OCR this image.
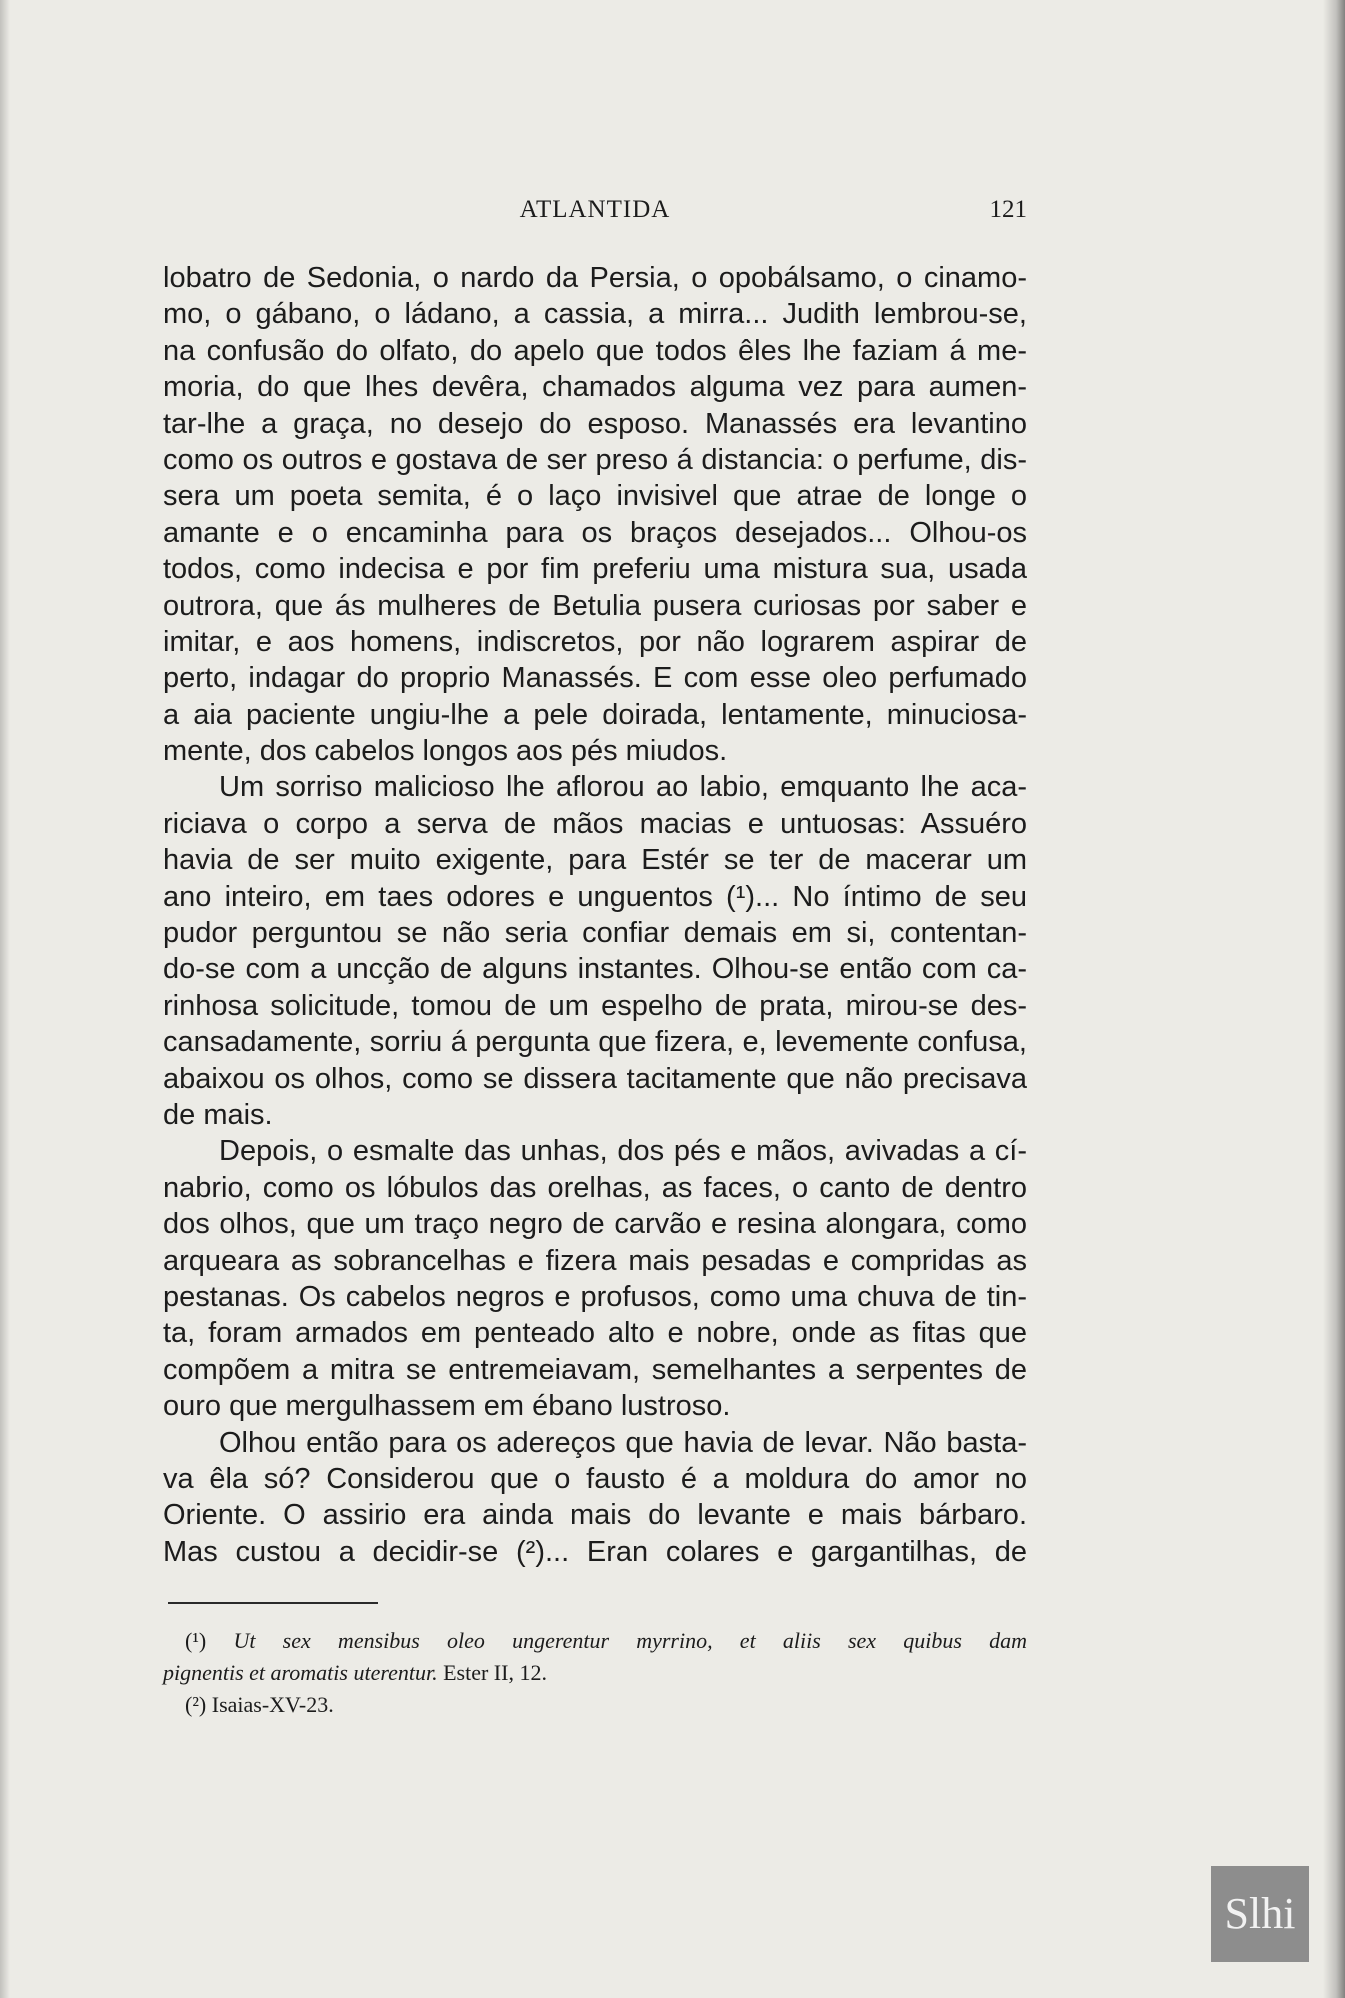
ATLANTIDA	121
lobatro de Sedonia, o nardo da Persia, o opobálsamo, o cinamo-
mo, o gábano, o ládano, a cassia, a mirra... Judith lembrou-se,
na confusão do olfato, do apelo que todos êles lhe faziam á me-
moria, do que lhes devêra, chamados alguma vez para aumen-
tar-lhe a graça, no desejo do esposo. Manassés era levantino
como os outros e gostava de ser preso á distancia: o perfume, dis-
sera um poeta semita, é o laço invisivel que atrae de longe o
amante e o encaminha para os braços desejados... Olhou-os
todos, como indecisa e por fim preferiu uma mistura sua, usada
outrora, que ás mulheres de Betulia pusera curiosas por saber e
imitar, e aos homens, indiscretos, por não lograrem aspirar de
perto, indagar do proprio Manassés. E com esse oleo perfumado
a aia paciente ungiu-lhe a pele doirada, lentamente, minuciosa-
mente, dos cabelos longos aos pés miudos.
Um sorriso malicioso lhe aflorou ao labio, emquanto lhe aca-
riciava o corpo a serva de mãos macias e untuosas: Assuéro
havia de ser muito exigente, para Estér se ter de macerar um
ano inteiro, em taes odores e unguentos (¹)... No íntimo de seu
pudor perguntou se não seria confiar demais em si, contentan-
do-se com a uncção de alguns instantes. Olhou-se então com ca-
rinhosa solicitude, tomou de um espelho de prata, mirou-se des-
cansadamente, sorriu á pergunta que fizera, e, levemente confusa,
abaixou os olhos, como se dissera tacitamente que não precisava
de mais.
Depois, o esmalte das unhas, dos pés e mãos, avivadas a cí-
nabrio, como os lóbulos das orelhas, as faces, o canto de dentro
dos olhos, que um traço negro de carvão e resina alongara, como
arqueara as sobrancelhas e fizera mais pesadas e compridas as
pestanas. Os cabelos negros e profusos, como uma chuva de tin-
ta, foram armados em penteado alto e nobre, onde as fitas que
compõem a mitra se entremeiavam, semelhantes a serpentes de
ouro que mergulhassem em ébano lustroso.
Olhou então para os adereços que havia de levar. Não basta-
va êla só? Considerou que o fausto é a moldura do amor no
Oriente. O assirio era ainda mais do levante e mais bárbaro.
Mas custou a decidir-se (²)... Eran colares e gargantilhas, de
(¹) Ut sex mensibus oleo ungerentur myrrino, et aliis sex quibus dam
pignentis et aromatis uterentur. Ester II, 12.
(²) Isaias-XV-23.
Slhi
